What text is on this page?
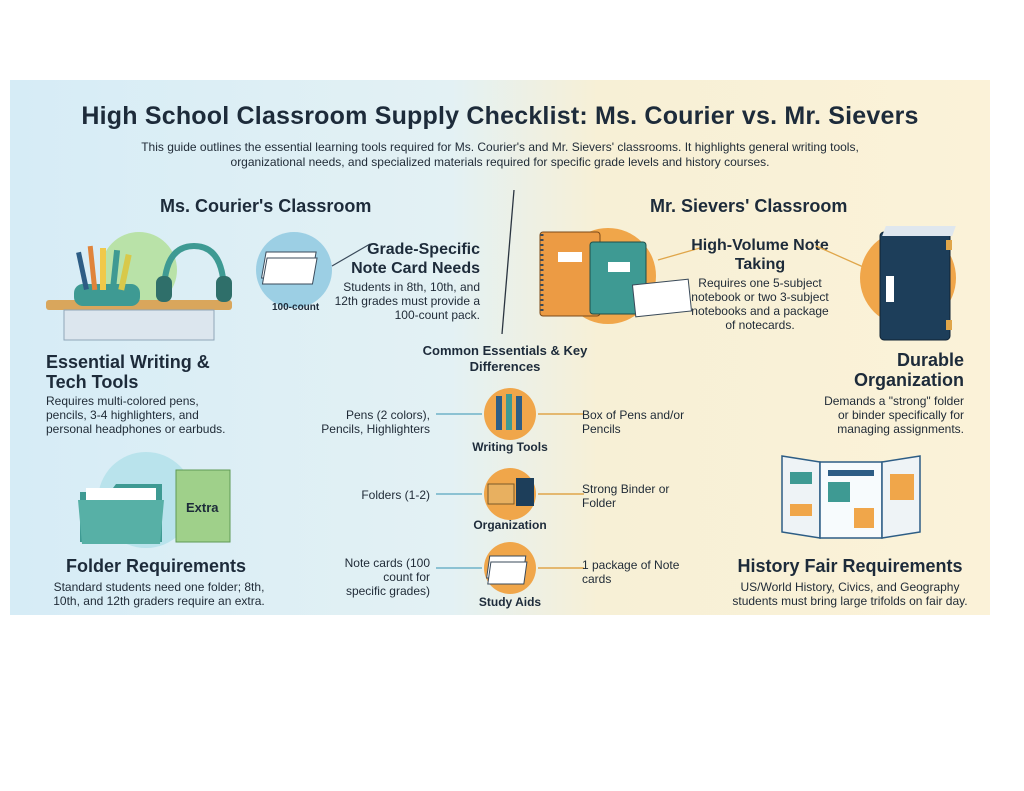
High School Classroom Supply Checklist: Ms. Courier vs. Mr. Sievers
This guide outlines the essential learning tools required for Ms. Courier's and Mr. Sievers' classrooms. It highlights general writing tools, organizational needs, and specialized materials required for specific grade levels and history courses.
Ms. Courier's Classroom	Mr. Sievers' Classroom
Essential Writing & Tech Tools
Requires multi-colored pens, pencils, 3-4 highlighters, and personal headphones or earbuds.
100-count
Grade-Specific Note Card Needs
Students in 8th, 10th, and 12th grades must provide a 100-count pack.
Extra
Folder Requirements
Standard students need one folder; 8th, 10th, and 12th graders require an extra.
Common Essentials & Key Differences
Pens (2 colors), Pencils, Highlighters
Writing Tools
Box of Pens and/or Pencils
Folders (1-2)
Organization
Strong Binder or Folder
Note cards (100 count for specific grades)
Study Aids
1 package of Note cards
High-Volume Note Taking
Requires one 5-subject notebook or two 3-subject notebooks and a package of notecards.
Durable Organization
Demands a "strong" folder or binder specifically for managing assignments.
History Fair Requirements
US/World History, Civics, and Geography students must bring large trifolds on fair day.
